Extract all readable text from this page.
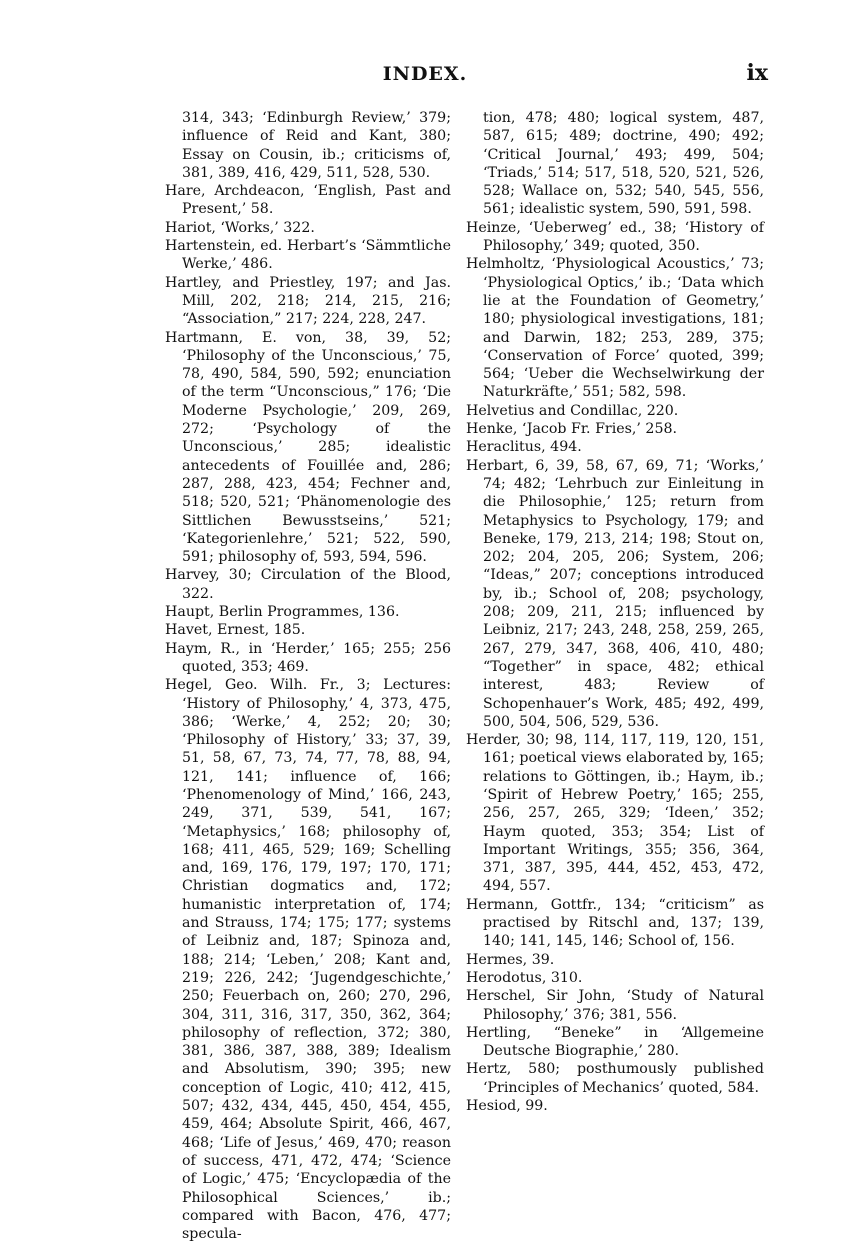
INDEX.	ix

314, 343; ‘Edinburgh Review,’ 379; influence of Reid and Kant, 380; Essay on Cousin, ib.; criticisms of, 381, 389, 416, 429, 511, 528, 530.

Hare, Archdeacon, ‘English, Past and Present,’ 58.

Hariot, ‘Works,’ 322.

Hartenstein, ed. Herbart’s ‘Sämmtliche Werke,’ 486.

Hartley, and Priestley, 197; and Jas. Mill, 202, 218; 214, 215, 216; “Association,” 217; 224, 228, 247.

Hartmann, E. von, 38, 39, 52; ‘Philosophy of the Unconscious,’ 75, 78, 490, 584, 590, 592; enunciation of the term “Unconscious,” 176; ‘Die Moderne Psychologie,’ 209, 269, 272; ‘Psychology of the Unconscious,’ 285; idealistic antecedents of Fouillée and, 286; 287, 288, 423, 454; Fechner and, 518; 520, 521; ‘Phänomenologie des Sittlichen Bewusstseins,’ 521; ‘Kategorienlehre,’ 521; 522, 590, 591; philosophy of, 593, 594, 596.

Harvey, 30; Circulation of the Blood, 322.

Haupt, Berlin Programmes, 136.

Havet, Ernest, 185.

Haym, R., in ‘Herder,’ 165; 255; 256 quoted, 353; 469.

Hegel, Geo. Wilh. Fr., 3; Lectures: ‘History of Philosophy,’ 4, 373, 475, 386; ‘Werke,’ 4, 252; 20; 30; ‘Philosophy of History,’ 33; 37, 39, 51, 58, 67, 73, 74, 77, 78, 88, 94, 121, 141; influence of, 166; ‘Phenomenology of Mind,’ 166, 243, 249, 371, 539, 541, 167; ‘Metaphysics,’ 168; philosophy of, 168; 411, 465, 529; 169; Schelling and, 169, 176, 179, 197; 170, 171; Christian dogmatics and, 172; humanistic interpretation of, 174; and Strauss, 174; 175; 177; systems of Leibniz and, 187; Spinoza and, 188; 214; ‘Leben,’ 208; Kant and, 219; 226, 242; ‘Jugendgeschichte,’ 250; Feuerbach on, 260; 270, 296, 304, 311, 316, 317, 350, 362, 364; philosophy of reflection, 372; 380, 381, 386, 387, 388, 389; Idealism and Absolutism, 390; 395; new conception of Logic, 410; 412, 415, 507; 432, 434, 445, 450, 454, 455, 459, 464; Absolute Spirit, 466, 467, 468; ‘Life of Jesus,’ 469, 470; reason of success, 471, 472, 474; ‘Science of Logic,’ 475; ‘Encyclopædia of the Philosophical Sciences,’ ib.; compared with Bacon, 476, 477; specula-

tion, 478; 480; logical system, 487, 587, 615; 489; doctrine, 490; 492; ‘Critical Journal,’ 493; 499, 504; ‘Triads,’ 514; 517, 518, 520, 521, 526, 528; Wallace on, 532; 540, 545, 556, 561; idealistic system, 590, 591, 598.

Heinze, ‘Ueberweg’ ed., 38; ‘History of Philosophy,’ 349; quoted, 350.

Helmholtz, ‘Physiological Acoustics,’ 73; ‘Physiological Optics,’ ib.; ‘Data which lie at the Foundation of Geometry,’ 180; physiological investigations, 181; and Darwin, 182; 253, 289, 375; ‘Conservation of Force’ quoted, 399; 564; ‘Ueber die Wechselwirkung der Naturkräfte,’ 551; 582, 598.

Helvetius and Condillac, 220.

Henke, ‘Jacob Fr. Fries,’ 258.

Heraclitus, 494.

Herbart, 6, 39, 58, 67, 69, 71; ‘Works,’ 74; 482; ‘Lehrbuch zur Einleitung in die Philosophie,’ 125; return from Metaphysics to Psychology, 179; and Beneke, 179, 213, 214; 198; Stout on, 202; 204, 205, 206; System, 206; “Ideas,” 207; conceptions introduced by, ib.; School of, 208; psychology, 208; 209, 211, 215; influenced by Leibniz, 217; 243, 248, 258, 259, 265, 267, 279, 347, 368, 406, 410, 480; “Together” in space, 482; ethical interest, 483; Review of Schopenhauer’s Work, 485; 492, 499, 500, 504, 506, 529, 536.

Herder, 30; 98, 114, 117, 119, 120, 151, 161; poetical views elaborated by, 165; relations to Göttingen, ib.; Haym, ib.; ‘Spirit of Hebrew Poetry,’ 165; 255, 256, 257, 265, 329; ‘Ideen,’ 352; Haym quoted, 353; 354; List of Important Writings, 355; 356, 364, 371, 387, 395, 444, 452, 453, 472, 494, 557.

Hermann, Gottfr., 134; “criticism” as practised by Ritschl and, 137; 139, 140; 141, 145, 146; School of, 156.

Hermes, 39.

Herodotus, 310.

Herschel, Sir John, ‘Study of Natural Philosophy,’ 376; 381, 556.

Hertling, “Beneke” in ‘Allgemeine Deutsche Biographie,’ 280.

Hertz, 580; posthumously published ‘Principles of Mechanics’ quoted, 584.

Hesiod, 99.
